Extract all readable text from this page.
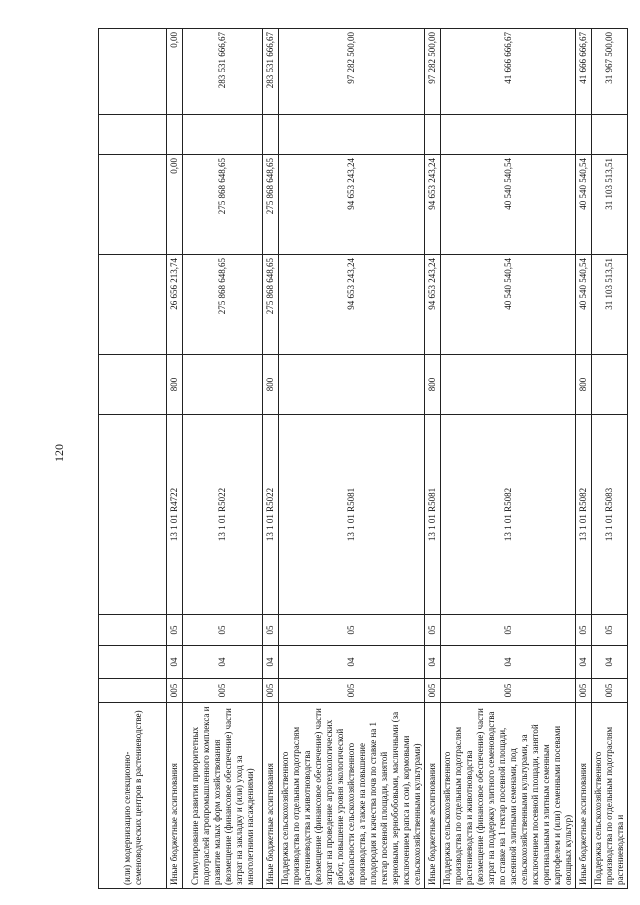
120
(или) модернизацию селекционно-семеноводческих центров в растениеводстве)									
Иные бюджетные ассигнования	005	04	05	13 1 01 R4722	800	26 656 213,74	0,00		0,00
Стимулирование развития приоритетных подотраслей агропромышленного комплекса и развитие малых форм хозяйствования (возмещение (финансовое обеспечение) части затрат на закладку и (или) уход за многолетними насаждениями)	005	04	05	13 1 01 R5022		275 868 648,65	275 868 648,65		283 531 666,67
Иные бюджетные ассигнования	005	04	05	13 1 01 R5022	800	275 868 648,65	275 868 648,65		283 531 666,67
Поддержка сельскохозяйственного производства по отдельным подотраслям растениеводства и животноводства (возмещение (финансовое обеспечение) части затрат на проведение агротехнологических работ, повышение уровня экологической безопасности сельскохозяйственного производства, а также на повышение плодородия и качества почв по ставке на 1 гектар посевной площади, занятой зерновыми, зернобобовыми, масличными (за исключением рапса и сои), кормовыми сельскохозяйственными культурами)	005	04	05	13 1 01 R5081		94 653 243,24	94 653 243,24		97 282 500,00
Иные бюджетные ассигнования	005	04	05	13 1 01 R5081	800	94 653 243,24	94 653 243,24		97 282 500,00
Поддержка сельскохозяйственного производства по отдельным подотраслям растениеводства и животноводства (возмещение (финансовое обеспечение) части затрат на поддержку элитного семеноводства по ставке на 1 гектар посевной площади, засеянной элитными семенами, под сельскохозяйственными культурами, за исключением посевной площади, занятой оригинальным и элитным семенным картофелем и (или) семенными посевами овощных культур)	005	04	05	13 1 01 R5082		40 540 540,54	40 540 540,54		41 666 666,67
Иные бюджетные ассигнования	005	04	05	13 1 01 R5082	800	40 540 540,54	40 540 540,54		41 666 666,67
Поддержка сельскохозяйственного производства по отдельным подотраслям растениеводства и	005	04	05	13 1 01 R5083		31 103 513,51	31 103 513,51		31 967 500,00
